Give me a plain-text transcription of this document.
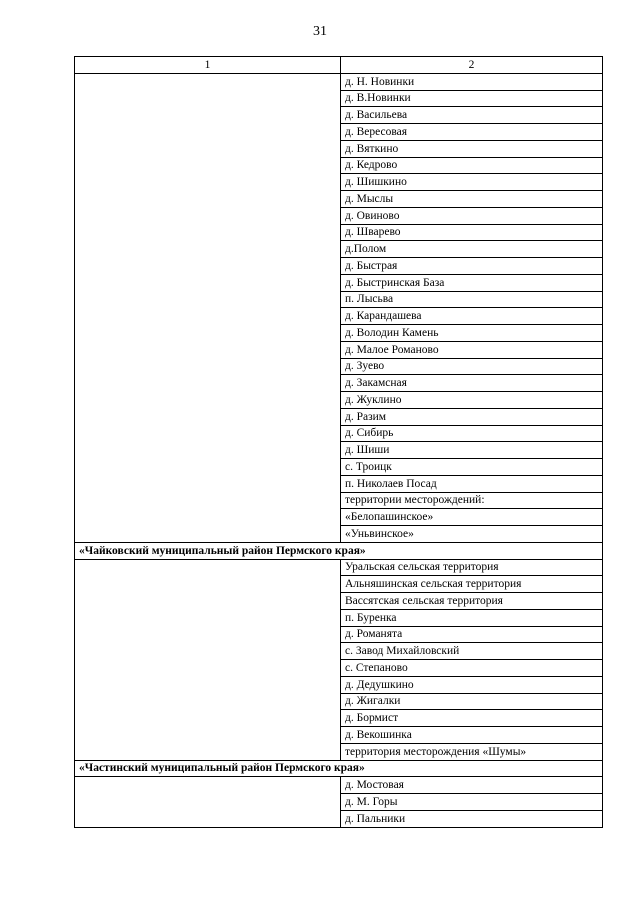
31
1	2
	д. Н. Новинки
	д. В.Новинки
	д. Васильева
	д. Вересовая
	д. Вяткино
	д. Кедрово
	д. Шишкино
	д. Мыслы
	д. Овиново
	д. Шварево
	д.Полом
	д. Быстрая
	д. Быстринская База
	п. Лысьва
	д. Карандашева
	д. Володин Камень
	д. Малое Романово
	д. Зуево
	д. Закамсная
	д. Жуклино
	д. Разим
	д. Сибирь
	д. Шиши
	с. Троицк
	п. Николаев Посад
	территории месторождений:
	«Белопашинское»
	«Уньвинское»
«Чайковский муниципальный район Пермского края»	
	Уральская сельская территория
	Альняшинская сельская территория
	Вассятская сельская территория
	п. Буренка
	д. Романята
	с. Завод Михайловский
	с. Степаново
	д. Дедушкино
	д. Жигалки
	д. Бормист
	д. Векошинка
	территория месторождения «Шумы»
«Частинский муниципальный район Пермского края»	
	д. Мостовая
	д. М. Горы
	д. Пальники
